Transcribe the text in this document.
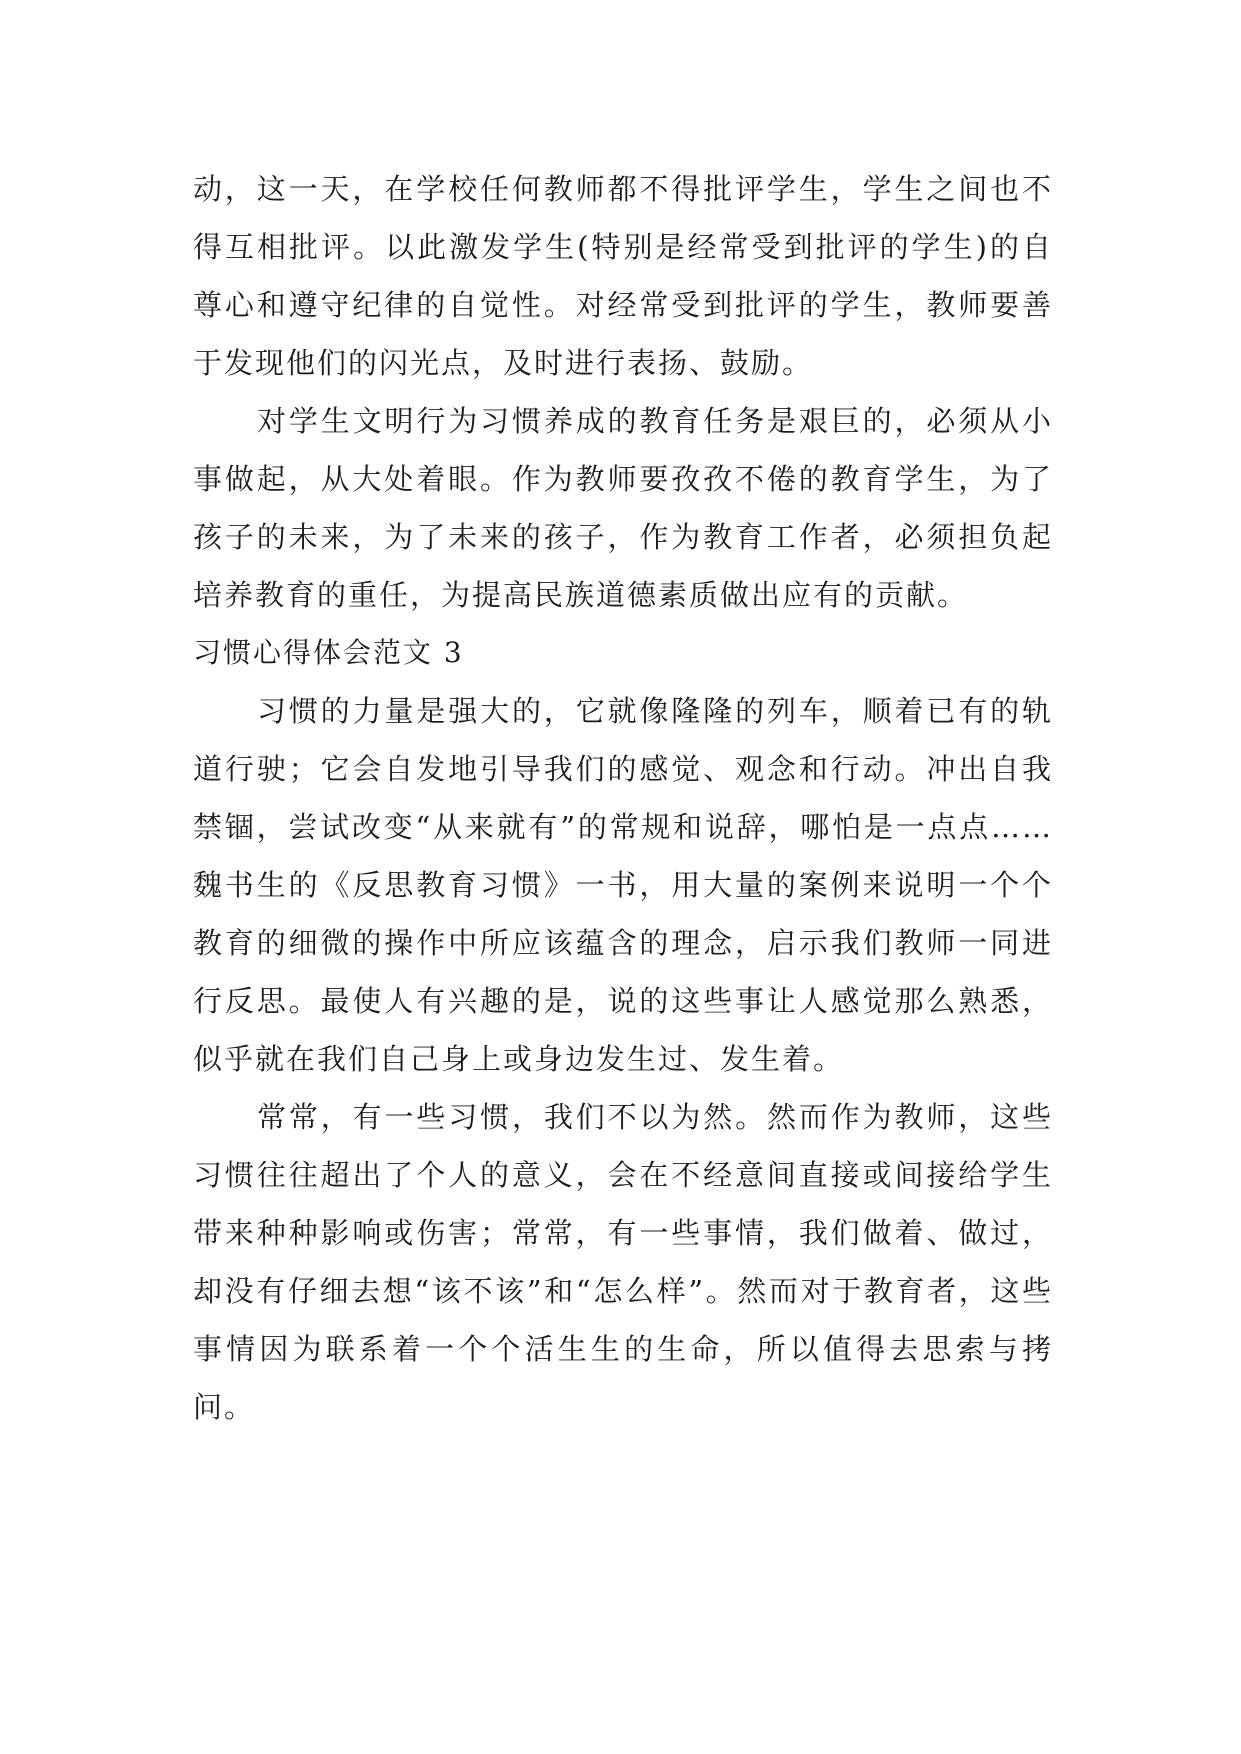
动，这一天，在学校任何教师都不得批评学生，学生之间也不得互相批评。以此激发学生(特别是经常受到批评的学生)的自尊心和遵守纪律的自觉性。对经常受到批评的学生，教师要善于发现他们的闪光点，及时进行表扬、鼓励。

对学生文明行为习惯养成的教育任务是艰巨的，必须从小事做起，从大处着眼。作为教师要孜孜不倦的教育学生，为了孩子的未来，为了未来的孩子，作为教育工作者，必须担负起培养教育的重任，为提高民族道德素质做出应有的贡献。

习惯心得体会范文 3

习惯的力量是强大的，它就像隆隆的列车，顺着已有的轨道行驶；它会自发地引导我们的感觉、观念和行动。冲出自我禁锢，尝试改变“从来就有”的常规和说辞，哪怕是一点点……魏书生的《反思教育习惯》一书，用大量的案例来说明一个个教育的细微的操作中所应该蕴含的理念，启示我们教师一同进行反思。最使人有兴趣的是，说的这些事让人感觉那么熟悉，似乎就在我们自己身上或身边发生过、发生着。

常常，有一些习惯，我们不以为然。然而作为教师，这些习惯往往超出了个人的意义，会在不经意间直接或间接给学生带来种种影响或伤害；常常，有一些事情，我们做着、做过，却没有仔细去想“该不该”和“怎么样”。然而对于教育者，这些事情因为联系着一个个活生生的生命，所以值得去思索与拷问。
